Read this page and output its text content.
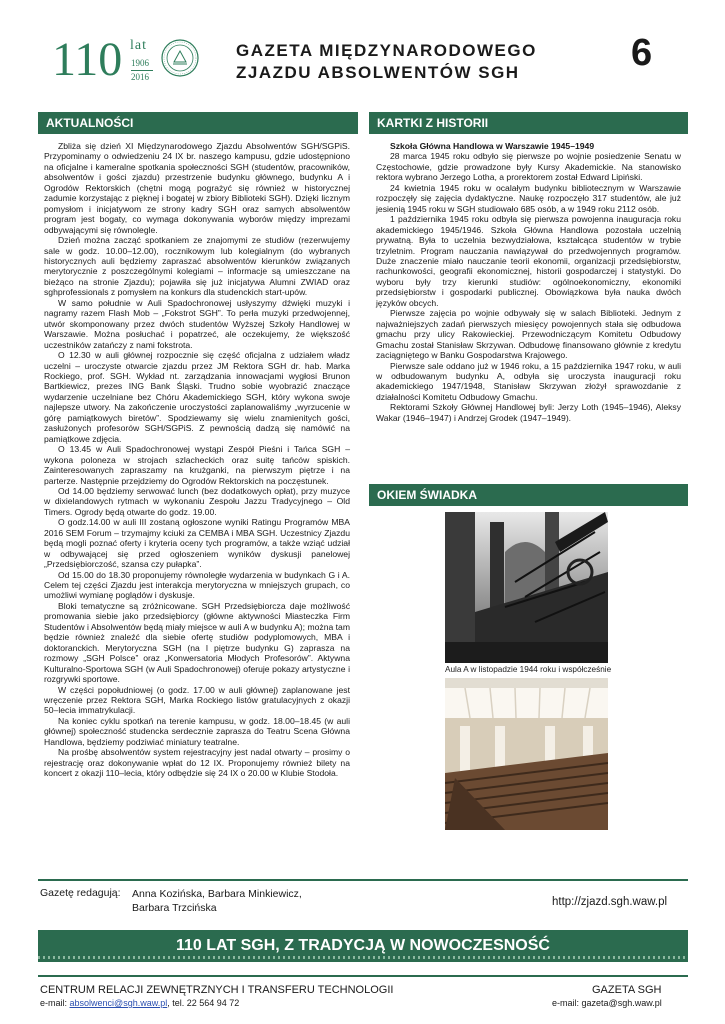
110 lat
1906
2016
GAZETA MIĘDZYNARODOWEGO
ZJAZDU ABSOLWENTÓW SGH	6
AKTUALNOŚCI	KARTKI Z HISTORII
OKIEM ŚWIADKA

Zbliża się dzień XI Międzynarodowego Zjazdu Absolwentów SGH/SGPiS. Przypominamy o odwiedzeniu 24 IX br. naszego kampusu, gdzie udostępniono na oficjalne i kameralne spotkania społeczności SGH (studentów, pracowników, absolwentów i gości zjazdu) przestrzenie budynku głównego, budynku A i Ogrodów Rektorskich (chętni mogą pograżyć się również w historycznej zadumie korzystając z pięknej i bogatej w zbiory Biblioteki SGH). Dzięki licznym pomysłom i inicjatywom ze strony kadry SGH oraz samych absolwentów program jest bogaty, co wymaga dokonywania wyborów między imprezami odbywającymi się równolegle.

Dzień można zacząć spotkaniem ze znajomymi ze studiów (rezerwujemy sale w godz. 10.00–12.00), rocznikowym lub kolegialnym (do wybranych historycznych auli będziemy zapraszać absolwentów kierunków związanych merytorycznie z poszczególnymi kolegiami – informacje są umieszczane na bieżąco na stronie Zjazdu); pojawiła się już inicjatywa Alumni ZWIAD oraz sghprofessionals z pomysłem na konkurs dla studenckich start-upów.

W samo południe w Auli Spadochronowej usłyszymy dźwięki muzyki i nagramy razem Flash Mob – „Fokstrot SGH”. To perła muzyki przedwojennej, utwór skomponowany przez dwóch studentów Wyższej Szkoły Handlowej w Warszawie. Można posłuchać i popatrzeć, ale oczekujemy, że większość uczestników zatańczy z nami fokstrota.

O 12.30 w auli głównej rozpocznie się część oficjalna z udziałem władz uczelni – uroczyste otwarcie zjazdu przez JM Rektora SGH dr. hab. Marka Rockiego, prof. SGH. Wykład nt. zarządzania innowacjami wygłosi Brunon Bartkiewicz, prezes ING Bank Śląski. Trudno sobie wyobrazić znaczące wydarzenie uczelniane bez Chóru Akademickiego SGH, który wykona swoje najlepsze utwory. Na zakończenie uroczystości zaplanowaliśmy „wyrzucenie w górę pamiątkowych biretów”. Spodziewamy się wielu znamienitych gości, zasłużonych profesorów SGH/SGPiS. Z pewnością dadzą się namówić na pamiątkowe zdjęcia.

O 13.45 w Auli Spadochronowej wystąpi Zespół Pieśni i Tańca SGH – wykona poloneza w strojach szlacheckich oraz suitę tańców spiskich. Zainteresowanych zapraszamy na krużganki, na pierwszym piętrze i na parterze. Następnie przejdziemy do Ogrodów Rektorskich na poczęstunek.

Od 14.00 będziemy serwować lunch (bez dodatkowych opłat), przy muzyce w dixielandowych rytmach w wykonaniu Zespołu Jazzu Tradycyjnego – Old Timers. Ogrody będą otwarte do godz. 19.00.

O godz.14.00 w auli III zostaną ogłoszone wyniki Ratingu Programów MBA 2016 SEM Forum – trzymajmy kciuki za CEMBA i MBA SGH. Uczestnicy Zjazdu będą mogli poznać oferty i kryteria oceny tych programów, a także wziąć udział w odbywającej się przed ogłoszeniem wyników dyskusji panelowej „Przedsiębiorczość, szansa czy pułapka”.

Od 15.00 do 18.30 proponujemy równoległe wydarzenia w budynkach G i A. Celem tej części Zjazdu jest interakcja merytoryczna w mniejszych grupach, co umożliwi wymianę poglądów i dyskusje.

Bloki tematyczne są zróżnicowane. SGH Przedsiębiorcza daje możliwość promowania siebie jako przedsiębiorcy (główne aktywności Miasteczka Firm Studentów i Absolwentów będą miały miejsce w auli A w budynku A); można tam będzie również znaleźć dla siebie ofertę studiów podyplomowych, MBA i doktoranckich. Merytoryczna SGH (na I piętrze budynku G) zaprasza na rozmowy „SGH Polsce” oraz „Konwersatoria Młodych Profesorów”. Aktywna Kulturalno-Sportowa SGH (w Auli Spadochronowej) oferuje pokazy artystyczne i rozgrywki sportowe.

W części popołudniowej (o godz. 17.00 w auli głównej) zaplanowane jest wręczenie przez Rektora SGH, Marka Rockiego listów gratulacyjnych z okazji 50–lecia immatrykulacji.

Na koniec cyklu spotkań na terenie kampusu, w godz. 18.00–18.45 (w auli głównej) społeczność studencka serdecznie zaprasza do Teatru Scena Główna Handlowa, będziemy podziwiać miniatury teatralne.

Na prośbę absolwentów system rejestracyjny jest nadal otwarty – prosimy o rejestrację oraz dokonywanie wpłat do 12 IX. Proponujemy również bilety na koncert z okazji 110–lecia, który odbędzie się 24 IX o 20.00 w Klubie Stodoła.

Szkoła Główna Handlowa w Warszawie 1945–1949

28 marca 1945 roku odbyło się pierwsze po wojnie posiedzenie Senatu w Częstochowie, gdzie prowadzone były Kursy Akademickie. Na stanowisko rektora wybrano Jerzego Lotha, a prorektorem został Edward Lipiński.

24 kwietnia 1945 roku w ocalałym budynku bibliotecznym w Warszawie rozpoczęły się zajęcia dydaktyczne. Naukę rozpoczęło 317 studentów, ale już jesienią 1945 roku w SGH studiowało 685 osób, a w 1949 roku 2112 osób.

1 października 1945 roku odbyła się pierwsza powojenna inauguracja roku akademickiego 1945/1946. Szkoła Główna Handlowa pozostała uczelnią prywatną. Była to uczelnia bezwydziałowa, kształcąca studentów w trybie trzyletnim. Program nauczania nawiązywał do przedwojennych programów. Duże znaczenie miało nauczanie teorii ekonomii, organizacji przedsiębiorstw, rachunkowości, geografii ekonomicznej, historii gospodarczej i statystyki. Do wyboru były trzy kierunki studiów: ogólnoekonomiczny, ekonomiki przedsiębiorstw i gospodarki publicznej. Obowiązkowa była nauka dwóch języków obcych.

Pierwsze zajęcia po wojnie odbywały się w salach Biblioteki. Jednym z najważniejszych zadań pierwszych miesięcy powojennych stała się odbudowa gmachu przy ulicy Rakowieckiej. Przewodniczącym Komitetu Odbudowy Gmachu został Stanisław Skrzywan. Odbudowę finansowano głównie z kredytu zaciągniętego w Banku Gospodarstwa Krajowego.

Pierwsze sale oddano już w 1946 roku, a 15 października 1947 roku, w auli w odbudowanym budynku A, odbyła się uroczysta inauguracji roku akademickiego 1947/1948, Stanisław Skrzywan złożył sprawozdanie z działalności Komitetu Odbudowy Gmachu.

Rektorami Szkoły Głównej Handlowej byli: Jerzy Loth (1945–1946), Aleksy Wakar (1946–1947) i Andrzej Grodek (1947–1949).

Aula A w listopadzie 1944 roku i współcześnie
Gazetę redagują: Anna Kozińska, Barbara Minkiewicz,
Barbara Trzcińska	http://zjazd.sgh.waw.pl
110 LAT SGH, Z TRADYCJĄ W NOWOCZESNOŚĆ
CENTRUM RELACJI ZEWNĘTRZNYCH I TRANSFERU TECHNOLOGII
e-mail: absolwenci@sgh.waw.pl, tel. 22 564 94 72
GAZETA SGH
e-mail: gazeta@sgh.waw.pl
